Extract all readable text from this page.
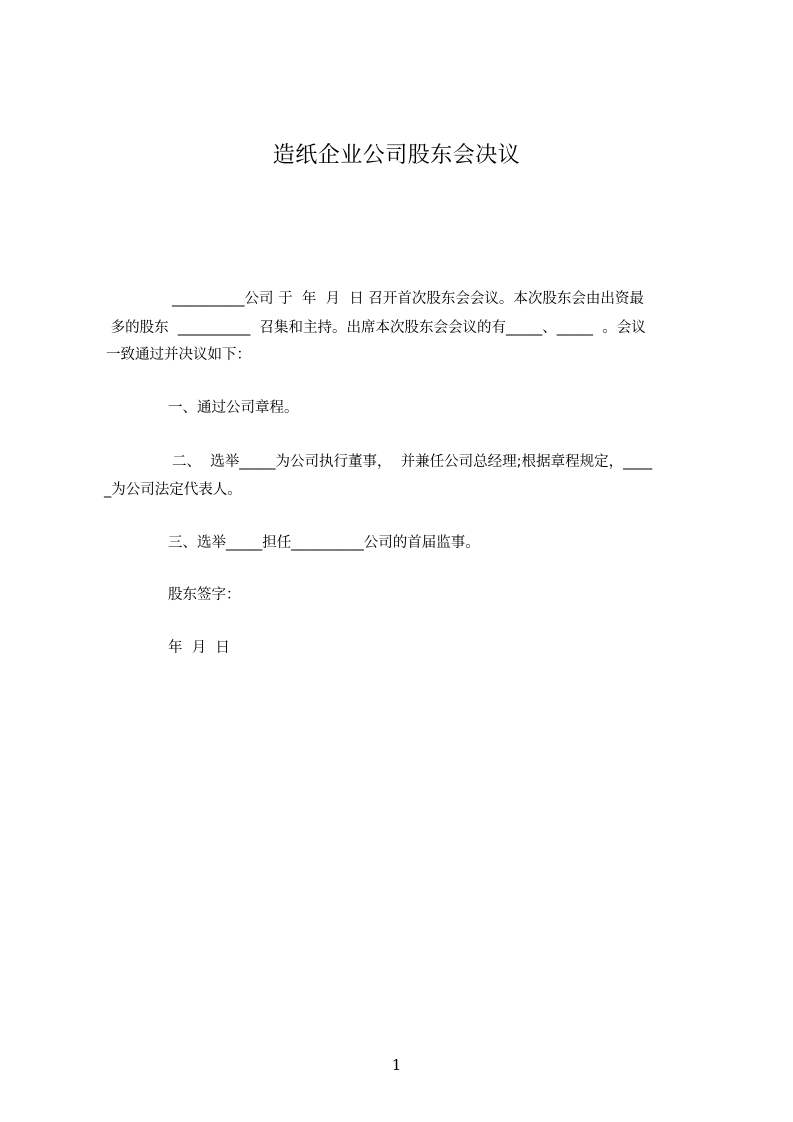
造纸企业公司股东会决议
__________公司 于  年  月  日 召开首次股东会会议。本次股东会由出资最
多的股东  __________  召集和主持。出席本次股东会会议的有_____、_____  。会议
一致通过并决议如下：
一、通过公司章程。
二、  选举_____为公司执行董事，  并兼任公司总经理;根据章程规定，____
_为公司法定代表人。
三、选举_____担任__________公司的首届监事。
股东签字：
年  月  日
1
